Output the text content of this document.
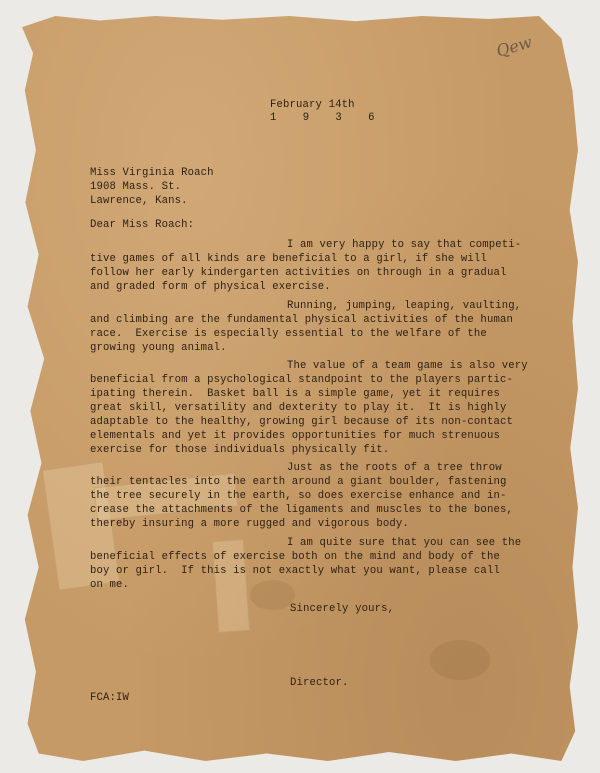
Qew

February 14th

1 9 3 6

Miss Virginia Roach

1908 Mass. St.

Lawrence, Kans.

Dear Miss Roach:

I am very happy to say that competi-

tive games of all kinds are beneficial to a girl, if she will

follow her early kindergarten activities on through in a gradual

and graded form of physical exercise.

Running, jumping, leaping, vaulting,

and climbing are the fundamental physical activities of the human

race.  Exercise is especially essential to the welfare of the

growing young animal.

The value of a team game is also very

beneficial from a psychological standpoint to the players partic-

ipating therein.  Basket ball is a simple game, yet it requires

great skill, versatility and dexterity to play it.  It is highly

adaptable to the healthy, growing girl because of its non-contact

elementals and yet it provides opportunities for much strenuous

exercise for those individuals physically fit.

Just as the roots of a tree throw

their tentacles into the earth around a giant boulder, fastening

the tree securely in the earth, so does exercise enhance and in-

crease the attachments of the ligaments and muscles to the bones,

thereby insuring a more rugged and vigorous body.

I am quite sure that you can see the

beneficial effects of exercise both on the mind and body of the

boy or girl.  If this is not exactly what you want, please call

on me.

Sincerely yours,

Director.

FCA:IW
